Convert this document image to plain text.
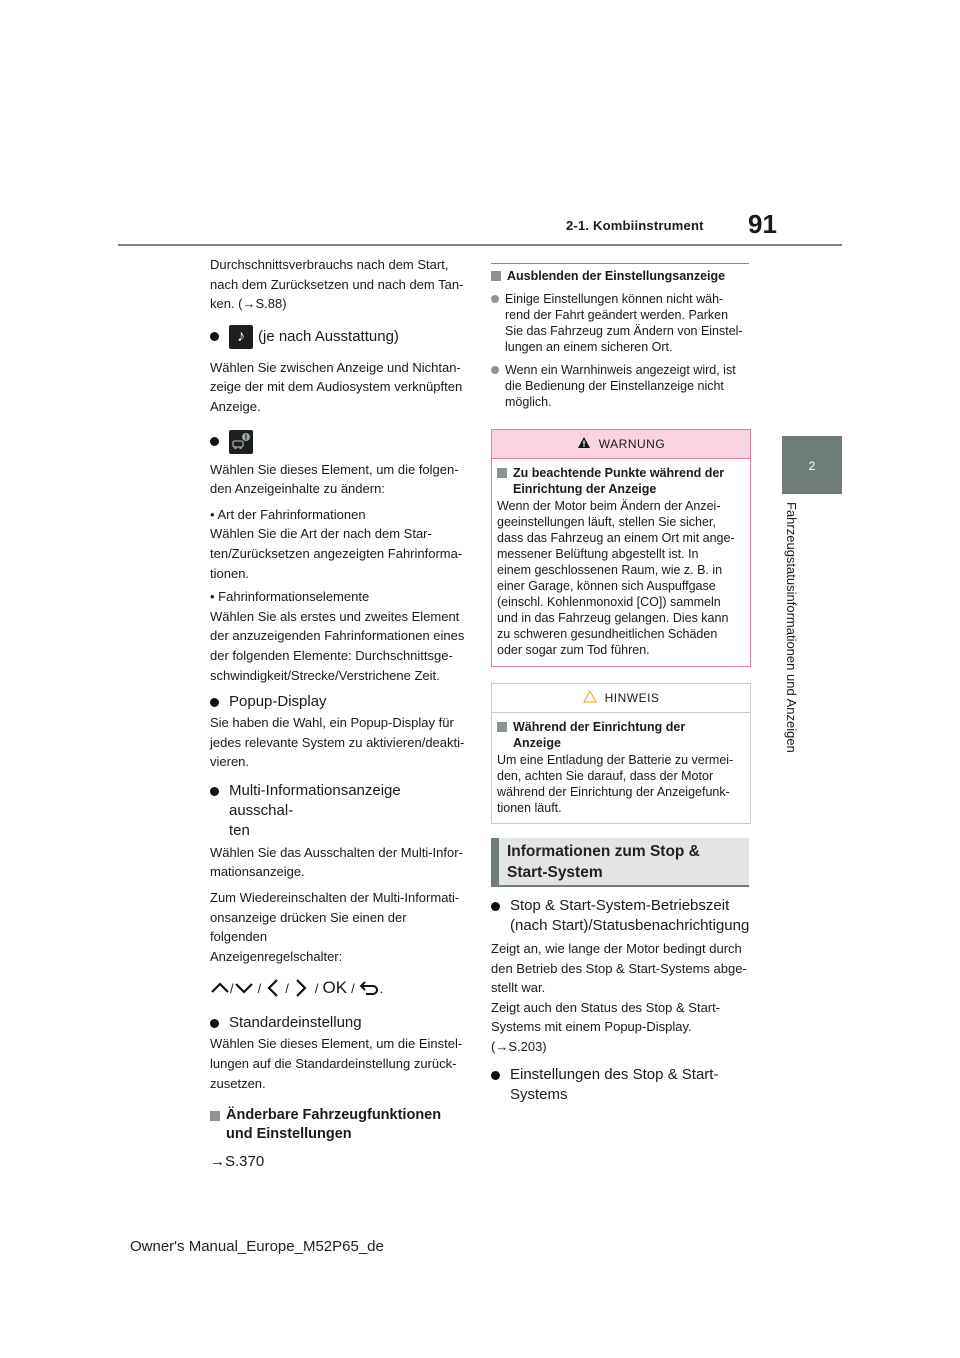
2-1. Kombiinstrument 91
2
Fahrzeugstatusinformationen und Anzeigen

Durchschnittsverbrauchs nach dem Start,

nach dem Zurücksetzen und nach dem Tan-

ken. (→S.88)

♪ (je nach Ausstattung)

Wählen Sie zwischen Anzeige und Nichtan-

zeige der mit dem Audiosystem verknüpften

Anzeige.

Wählen Sie dieses Element, um die folgen-

den Anzeigeinhalte zu ändern:

• Art der Fahrinformationen

Wählen Sie die Art der nach dem Star-

ten/Zurücksetzen angezeigten Fahrinforma-

tionen.

• Fahrinformationselemente

Wählen Sie als erstes und zweites Element

der anzuzeigenden Fahrinformationen eines

der folgenden Elemente: Durchschnittsge-

schwindigkeit/Strecke/Verstrichene Zeit.

Popup-Display

Sie haben die Wahl, ein Popup-Display für

jedes relevante System zu aktivieren/deakti-

vieren.

Multi-Informationsanzeige ausschal-
ten

Wählen Sie das Ausschalten der Multi-Infor-

mationsanzeige.

Zum Wiedereinschalten der Multi-Informati-

onsanzeige drücken Sie einen der folgenden

Anzeigenregelschalter:

/ / / / OK / .
Standardeinstellung

Wählen Sie dieses Element, um die Einstel-

lungen auf die Standardeinstellung zurück-

zusetzen.

Änderbare Fahrzeugfunktionen
und Einstellungen

→S.370

Ausblenden der Einstellungsanzeige

Einige Einstellungen können nicht wäh-

rend der Fahrt geändert werden. Parken

Sie das Fahrzeug zum Ändern von Einstel-

lungen an einem sicheren Ort.

Wenn ein Warnhinweis angezeigt wird, ist

die Bedienung der Einstellanzeige nicht

möglich.

WARNUNG
Zu beachtende Punkte während der
Einrichtung der Anzeige

Wenn der Motor beim Ändern der Anzei-

geeinstellungen läuft, stellen Sie sicher,

dass das Fahrzeug an einem Ort mit ange-

messener Belüftung abgestellt ist. In

einem geschlossenen Raum, wie z. B. in

einer Garage, können sich Auspuffgase

(einschl. Kohlenmonoxid [CO]) sammeln

und in das Fahrzeug gelangen. Dies kann

zu schweren gesundheitlichen Schäden

oder sogar zum Tod führen.

HINWEIS
Während der Einrichtung der
Anzeige

Um eine Entladung der Batterie zu vermei-

den, achten Sie darauf, dass der Motor

während der Einrichtung der Anzeigefunk-

tionen läuft.

Informationen zum Stop &
Start-System
Stop & Start-System-Betriebszeit
(nach Start)/Statusbenachrichtigung

Zeigt an, wie lange der Motor bedingt durch

den Betrieb des Stop & Start-Systems abge-

stellt war.

Zeigt auch den Status des Stop & Start-

Systems mit einem Popup-Display.

(→S.203)

Einstellungen des Stop & Start-
Systems
Owner's Manual_Europe_M52P65_de
